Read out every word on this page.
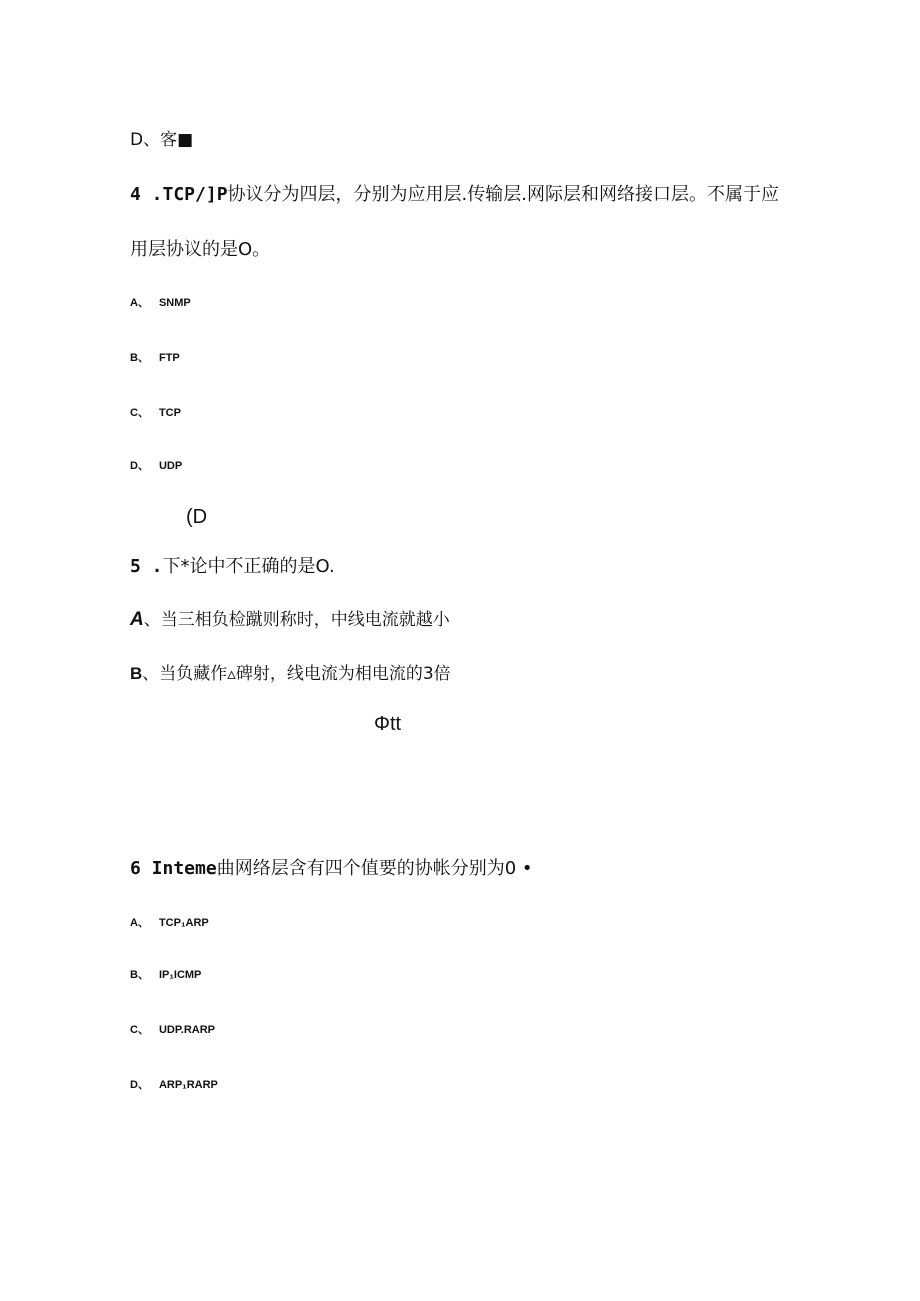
D、客■
4 .TCP/]P协议分为四层，分别为应用层.传输层.网际层和网络接口层。不属于应
用层协议的是O。
A、 SNMP
B、 FTP
C、 TCP
D、 UDP
(D
5 .下*论中不正确的是O.
A、当三相负检蹴则称时，中线电流就越小
B、当负藏作▵碑射，线电流为相电流的3倍
Φtt
6 Inteme曲网络层含有四个值要的协帐分别为0 •
A、 TCP₁ARP
B、 IP₁ICMP
C、 UDP.RARP
D、 ARP₁RARP
